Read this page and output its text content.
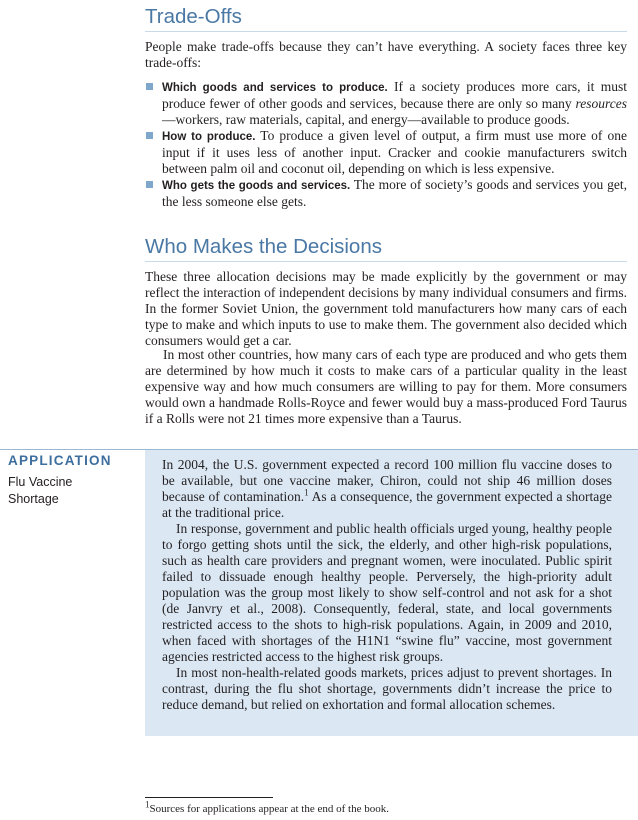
Trade-Offs

People make trade-offs because they can’t have everything. A society faces three key trade-offs:

Which goods and services to produce. If a society produces more cars, it must produce fewer of other goods and services, because there are only so many resources—workers, raw materials, capital, and energy—available to produce goods.
How to produce. To produce a given level of output, a firm must use more of one input if it uses less of another input. Cracker and cookie manufacturers switch between palm oil and coconut oil, depending on which is less expensive.
Who gets the goods and services. The more of society’s goods and services you get, the less someone else gets.
Who Makes the Decisions

These three allocation decisions may be made explicitly by the government or may reflect the interaction of independent decisions by many individual consumers and firms. In the former Soviet Union, the government told manufacturers how many cars of each type to make and which inputs to use to make them. The government also decided which consumers would get a car.

In most other countries, how many cars of each type are produced and who gets them are determined by how much it costs to make cars of a particular quality in the least expensive way and how much consumers are willing to pay for them. More consumers would own a handmade Rolls-Royce and fewer would buy a mass-produced Ford Taurus if a Rolls were not 21 times more expensive than a Taurus.

APPLICATION

Flu Vaccine Shortage

In 2004, the U.S. government expected a record 100 million flu vaccine doses to be available, but one vaccine maker, Chiron, could not ship 46 million doses because of contamination.$^1$ As a consequence, the government expected a shortage at the traditional price.

In response, government and public health officials urged young, healthy people to forgo getting shots until the sick, the elderly, and other high-risk populations, such as health care providers and pregnant women, were inoculated. Public spirit failed to dissuade enough healthy people. Perversely, the high-priority adult population was the group most likely to show self-control and not ask for a shot (de Janvry et al., 2008). Consequently, federal, state, and local governments restricted access to the shots to high-risk populations. Again, in 2009 and 2010, when faced with shortages of the H1N1 “swine flu” vaccine, most government agencies restricted access to the highest risk groups.

In most non-health-related goods markets, prices adjust to prevent shortages. In contrast, during the flu shot shortage, governments didn’t increase the price to reduce demand, but relied on exhortation and formal allocation schemes.

$^1$Sources for applications appear at the end of the book.
